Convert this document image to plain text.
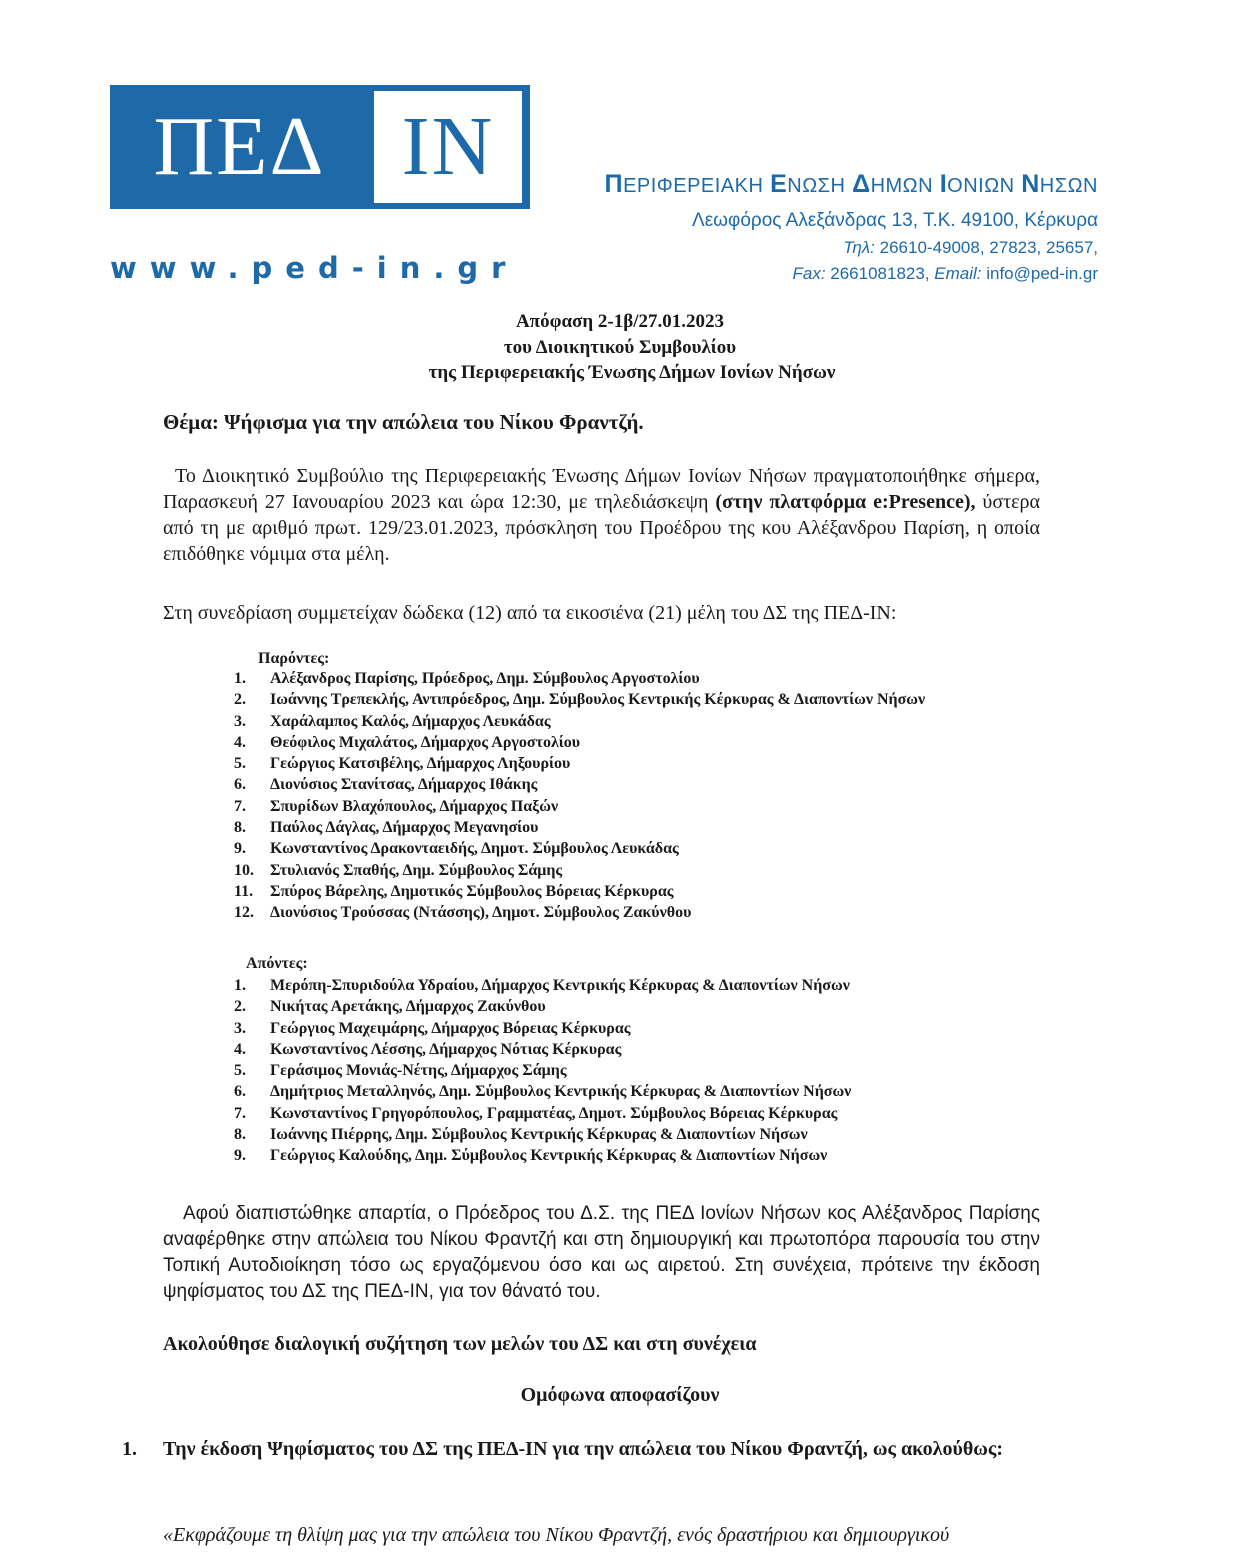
ΠΕΔ ΙΝ
www.ped-in.gr
ΠΕΡΙΦΕΡΕΙΑΚΗ ΕΝΩΣΗ ΔΗΜΩΝ ΙΟΝΙΩΝ ΝΗΣΩΝ
Λεωφόρος Αλεξάνδρας 13, Τ.Κ. 49100, Κέρκυρα
Τηλ: 26610-49008, 27823, 25657,
Fax: 2661081823, Email: info@ped-in.gr
Απόφαση 2-1β/27.01.2023
του Διοικητικού Συμβουλίου
της Περιφερειακής Ένωσης Δήμων Ιονίων Νήσων
Θέμα: Ψήφισμα για την απώλεια του Νίκου Φραντζή.
Το Διοικητικό Συμβούλιο της Περιφερειακής Ένωσης Δήμων Ιονίων Νήσων πραγματοποιήθηκε σήμερα, Παρασκευή 27 Ιανουαρίου 2023 και ώρα 12:30, με τηλεδιάσκεψη (στην πλατφόρμα e:Presence), ύστερα από τη με αριθμό πρωτ. 129/23.01.2023, πρόσκληση του Προέδρου της κου Αλέξανδρου Παρίση, η οποία επιδόθηκε νόμιμα στα μέλη.
Στη συνεδρίαση συμμετείχαν δώδεκα (12) από τα εικοσιένα (21) μέλη του ΔΣ της ΠΕΔ-ΙΝ:
Παρόντες:
1.	Αλέξανδρος Παρίσης, Πρόεδρος, Δημ. Σύμβουλος Αργοστολίου
2.	Ιωάννης Τρεπεκλής, Αντιπρόεδρος, Δημ. Σύμβουλος Κεντρικής Κέρκυρας & Διαποντίων Νήσων
3.	Χαράλαμπος Καλός, Δήμαρχος Λευκάδας
4.	Θεόφιλος Μιχαλάτος, Δήμαρχος Αργοστολίου
5.	Γεώργιος Κατσιβέλης, Δήμαρχος Ληξουρίου
6.	Διονύσιος Στανίτσας, Δήμαρχος Ιθάκης
7.	Σπυρίδων Βλαχόπουλος, Δήμαρχος Παξών
8.	Παύλος Δάγλας, Δήμαρχος Μεγανησίου
9.	Κωνσταντίνος Δρακονταειδής, Δημοτ. Σύμβουλος Λευκάδας
10.	Στυλιανός Σπαθής, Δημ. Σύμβουλος Σάμης
11.	Σπύρος Βάρελης, Δημοτικός Σύμβουλος Βόρειας Κέρκυρας
12.	Διονύσιος Τρούσσας (Ντάσσης), Δημοτ. Σύμβουλος Ζακύνθου
Απόντες:
1.	Μερόπη-Σπυριδούλα Υδραίου, Δήμαρχος Κεντρικής Κέρκυρας & Διαποντίων Νήσων
2.	Νικήτας Αρετάκης, Δήμαρχος Ζακύνθου
3.	Γεώργιος Μαχειμάρης, Δήμαρχος Βόρειας Κέρκυρας
4.	Κωνσταντίνος Λέσσης, Δήμαρχος Νότιας Κέρκυρας
5.	Γεράσιμος Μονιάς-Νέτης, Δήμαρχος Σάμης
6.	Δημήτριος Μεταλληνός, Δημ. Σύμβουλος Κεντρικής Κέρκυρας & Διαποντίων Νήσων
7.	Κωνσταντίνος Γρηγορόπουλος, Γραμματέας, Δημοτ. Σύμβουλος Βόρειας Κέρκυρας
8.	Ιωάννης Πιέρρης, Δημ. Σύμβουλος Κεντρικής Κέρκυρας & Διαποντίων Νήσων
9.	Γεώργιος Καλούδης, Δημ. Σύμβουλος Κεντρικής Κέρκυρας & Διαποντίων Νήσων
Αφού διαπιστώθηκε απαρτία, ο Πρόεδρος του Δ.Σ. της ΠΕΔ Ιονίων Νήσων κος Αλέξανδρος Παρίσης αναφέρθηκε στην απώλεια του Νίκου Φραντζή και στη δημιουργική και πρωτοπόρα παρουσία του στην Τοπική Αυτοδιοίκηση τόσο ως εργαζόμενου όσο και ως αιρετού. Στη συνέχεια, πρότεινε την έκδοση ψηφίσματος του ΔΣ της ΠΕΔ-ΙΝ, για τον θάνατό του.
Ακολούθησε διαλογική συζήτηση των μελών του ΔΣ και στη συνέχεια
Ομόφωνα αποφασίζουν
1. Την έκδοση Ψηφίσματος του ΔΣ της ΠΕΔ-ΙΝ για την απώλεια του Νίκου Φραντζή, ως ακολούθως:
«Εκφράζουμε τη θλίψη μας για την απώλεια του Νίκου Φραντζή, ενός δραστήριου και δημιουργικού
